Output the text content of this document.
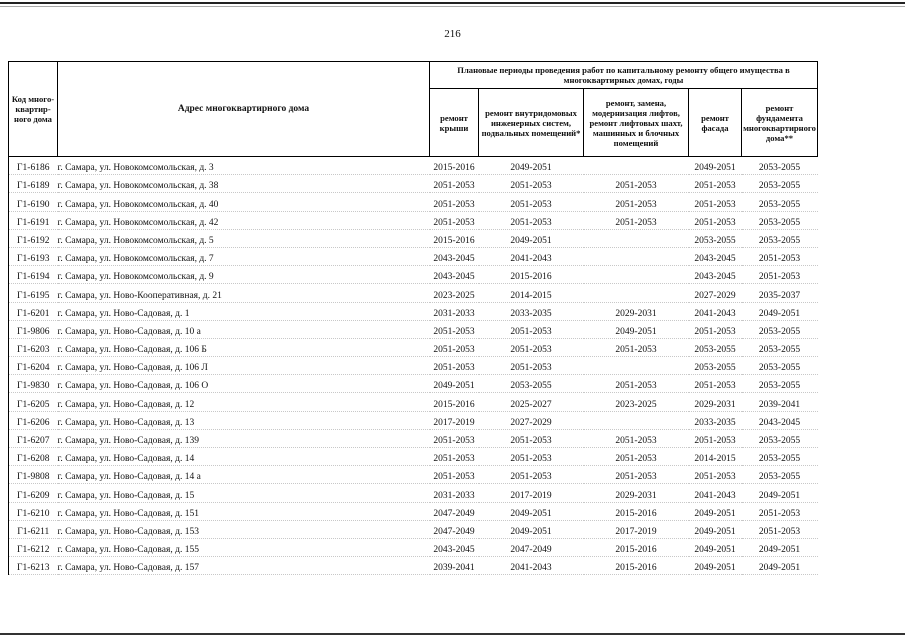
216
Код много-квартир-ного дома	Адрес многоквартирного дома	Плановые периоды проведения работ по капитальному ремонту общего имущества в многоквартирных домах, годы				
		ремонт крыши	ремонт внутридомовых инженерных систем, подвальных помещений*	ремонт, замена, модернизация лифтов, ремонт лифтовых шахт, машинных и блочных помещений	ремонт фасада	ремонт фундамента многоквартирного дома**
Г1-6186	г. Самара, ул. Новокомсомольская, д. 3	2015-2016	2049-2051		2049-2051	2053-2055
Г1-6189	г. Самара, ул. Новокомсомольская, д. 38	2051-2053	2051-2053	2051-2053	2051-2053	2053-2055
Г1-6190	г. Самара, ул. Новокомсомольская, д. 40	2051-2053	2051-2053	2051-2053	2051-2053	2053-2055
Г1-6191	г. Самара, ул. Новокомсомольская, д. 42	2051-2053	2051-2053	2051-2053	2051-2053	2053-2055
Г1-6192	г. Самара, ул. Новокомсомольская, д. 5	2015-2016	2049-2051		2053-2055	2053-2055
Г1-6193	г. Самара, ул. Новокомсомольская, д. 7	2043-2045	2041-2043		2043-2045	2051-2053
Г1-6194	г. Самара, ул. Новокомсомольская, д. 9	2043-2045	2015-2016		2043-2045	2051-2053
Г1-6195	г. Самара, ул. Ново-Кооперативная, д. 21	2023-2025	2014-2015		2027-2029	2035-2037
Г1-6201	г. Самара, ул. Ново-Садовая, д. 1	2031-2033	2033-2035	2029-2031	2041-2043	2049-2051
Г1-9806	г. Самара, ул. Ново-Садовая, д. 10 а	2051-2053	2051-2053	2049-2051	2051-2053	2053-2055
Г1-6203	г. Самара, ул. Ново-Садовая, д. 106 Б	2051-2053	2051-2053	2051-2053	2053-2055	2053-2055
Г1-6204	г. Самара, ул. Ново-Садовая, д. 106 Л	2051-2053	2051-2053		2053-2055	2053-2055
Г1-9830	г. Самара, ул. Ново-Садовая, д. 106 О	2049-2051	2053-2055	2051-2053	2051-2053	2053-2055
Г1-6205	г. Самара, ул. Ново-Садовая, д. 12	2015-2016	2025-2027	2023-2025	2029-2031	2039-2041
Г1-6206	г. Самара, ул. Ново-Садовая, д. 13	2017-2019	2027-2029		2033-2035	2043-2045
Г1-6207	г. Самара, ул. Ново-Садовая, д. 139	2051-2053	2051-2053	2051-2053	2051-2053	2053-2055
Г1-6208	г. Самара, ул. Ново-Садовая, д. 14	2051-2053	2051-2053	2051-2053	2014-2015	2053-2055
Г1-9808	г. Самара, ул. Ново-Садовая, д. 14 а	2051-2053	2051-2053	2051-2053	2051-2053	2053-2055
Г1-6209	г. Самара, ул. Ново-Садовая, д. 15	2031-2033	2017-2019	2029-2031	2041-2043	2049-2051
Г1-6210	г. Самара, ул. Ново-Садовая, д. 151	2047-2049	2049-2051	2015-2016	2049-2051	2051-2053
Г1-6211	г. Самара, ул. Ново-Садовая, д. 153	2047-2049	2049-2051	2017-2019	2049-2051	2051-2053
Г1-6212	г. Самара, ул. Ново-Садовая, д. 155	2043-2045	2047-2049	2015-2016	2049-2051	2049-2051
Г1-6213	г. Самара, ул. Ново-Садовая, д. 157	2039-2041	2041-2043	2015-2016	2049-2051	2049-2051
